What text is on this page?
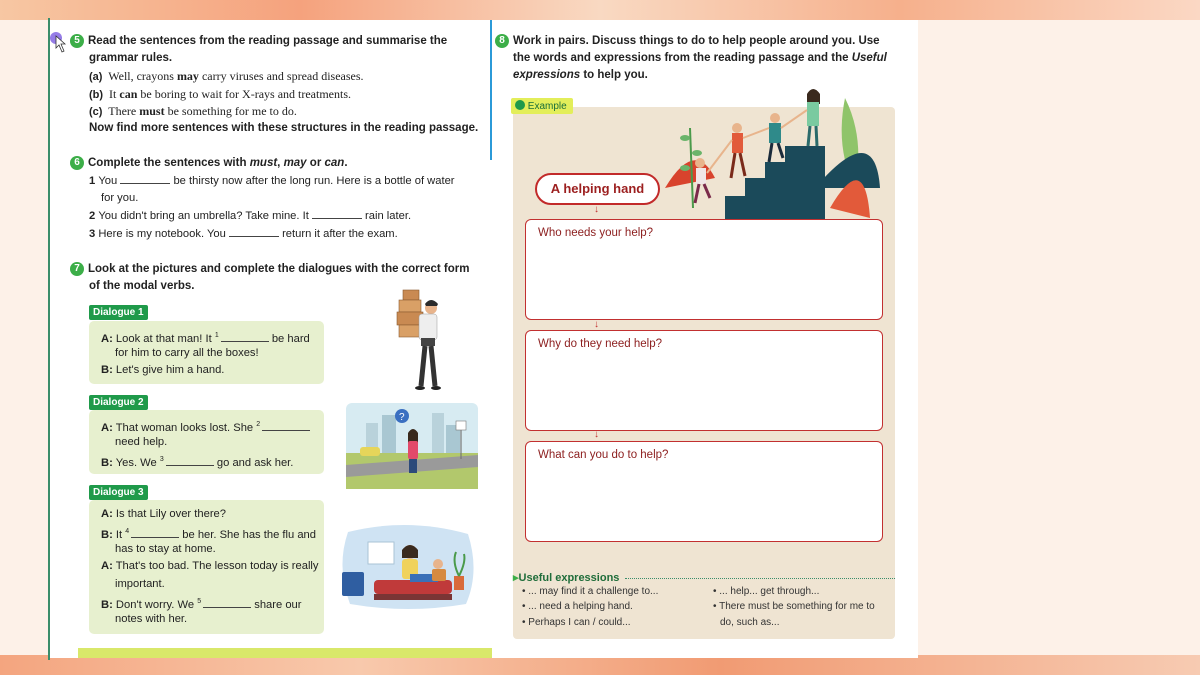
5 Read the sentences from the reading passage and summarise the
grammar rules.
(a) Well, crayons may carry viruses and spread diseases.
(b) It can be boring to wait for X-rays and treatments.
(c) There must be something for me to do.
Now find more sentences with these structures in the reading passage.
6 Complete the sentences with must, may or can.
1 You	be thirsty now after the long run. Here is a bottle of water
for you.
2 You didn't bring an umbrella? Take mine. It	rain later.
3 Here is my notebook. You	return it after the exam.
7 Look at the pictures and complete the dialogues with the correct form
of the modal verbs.
Dialogue 1
A: Look at that man! It $^1$	be hard
for him to carry all the boxes!
B: Let's give him a hand.
Dialogue 2
A: That woman looks lost. She $^2$
need help.
B: Yes. We $^3$	go and ask her.
Dialogue 3
A: Is that Lily over there?
B: It $^4$	be her. She has the flu and
has to stay at home.
A: That's too bad. The lesson today is really
important.
B: Don't worry. We $^5$	share our
notes with her.
?
8 Work in pairs. Discuss things to do to help people around you. Use
the words and expressions from the reading passage and the Useful
expressions to help you.
Example
A helping hand
↓
Who needs your help?
↓
Why do they need help?
↓
What can you do to help?
▸Useful expressions
• ... may find it a challenge to...
• ... need a helping hand.
• Perhaps I can / could...
• ... help... get through...
• There must be something for me to
do, such as...
